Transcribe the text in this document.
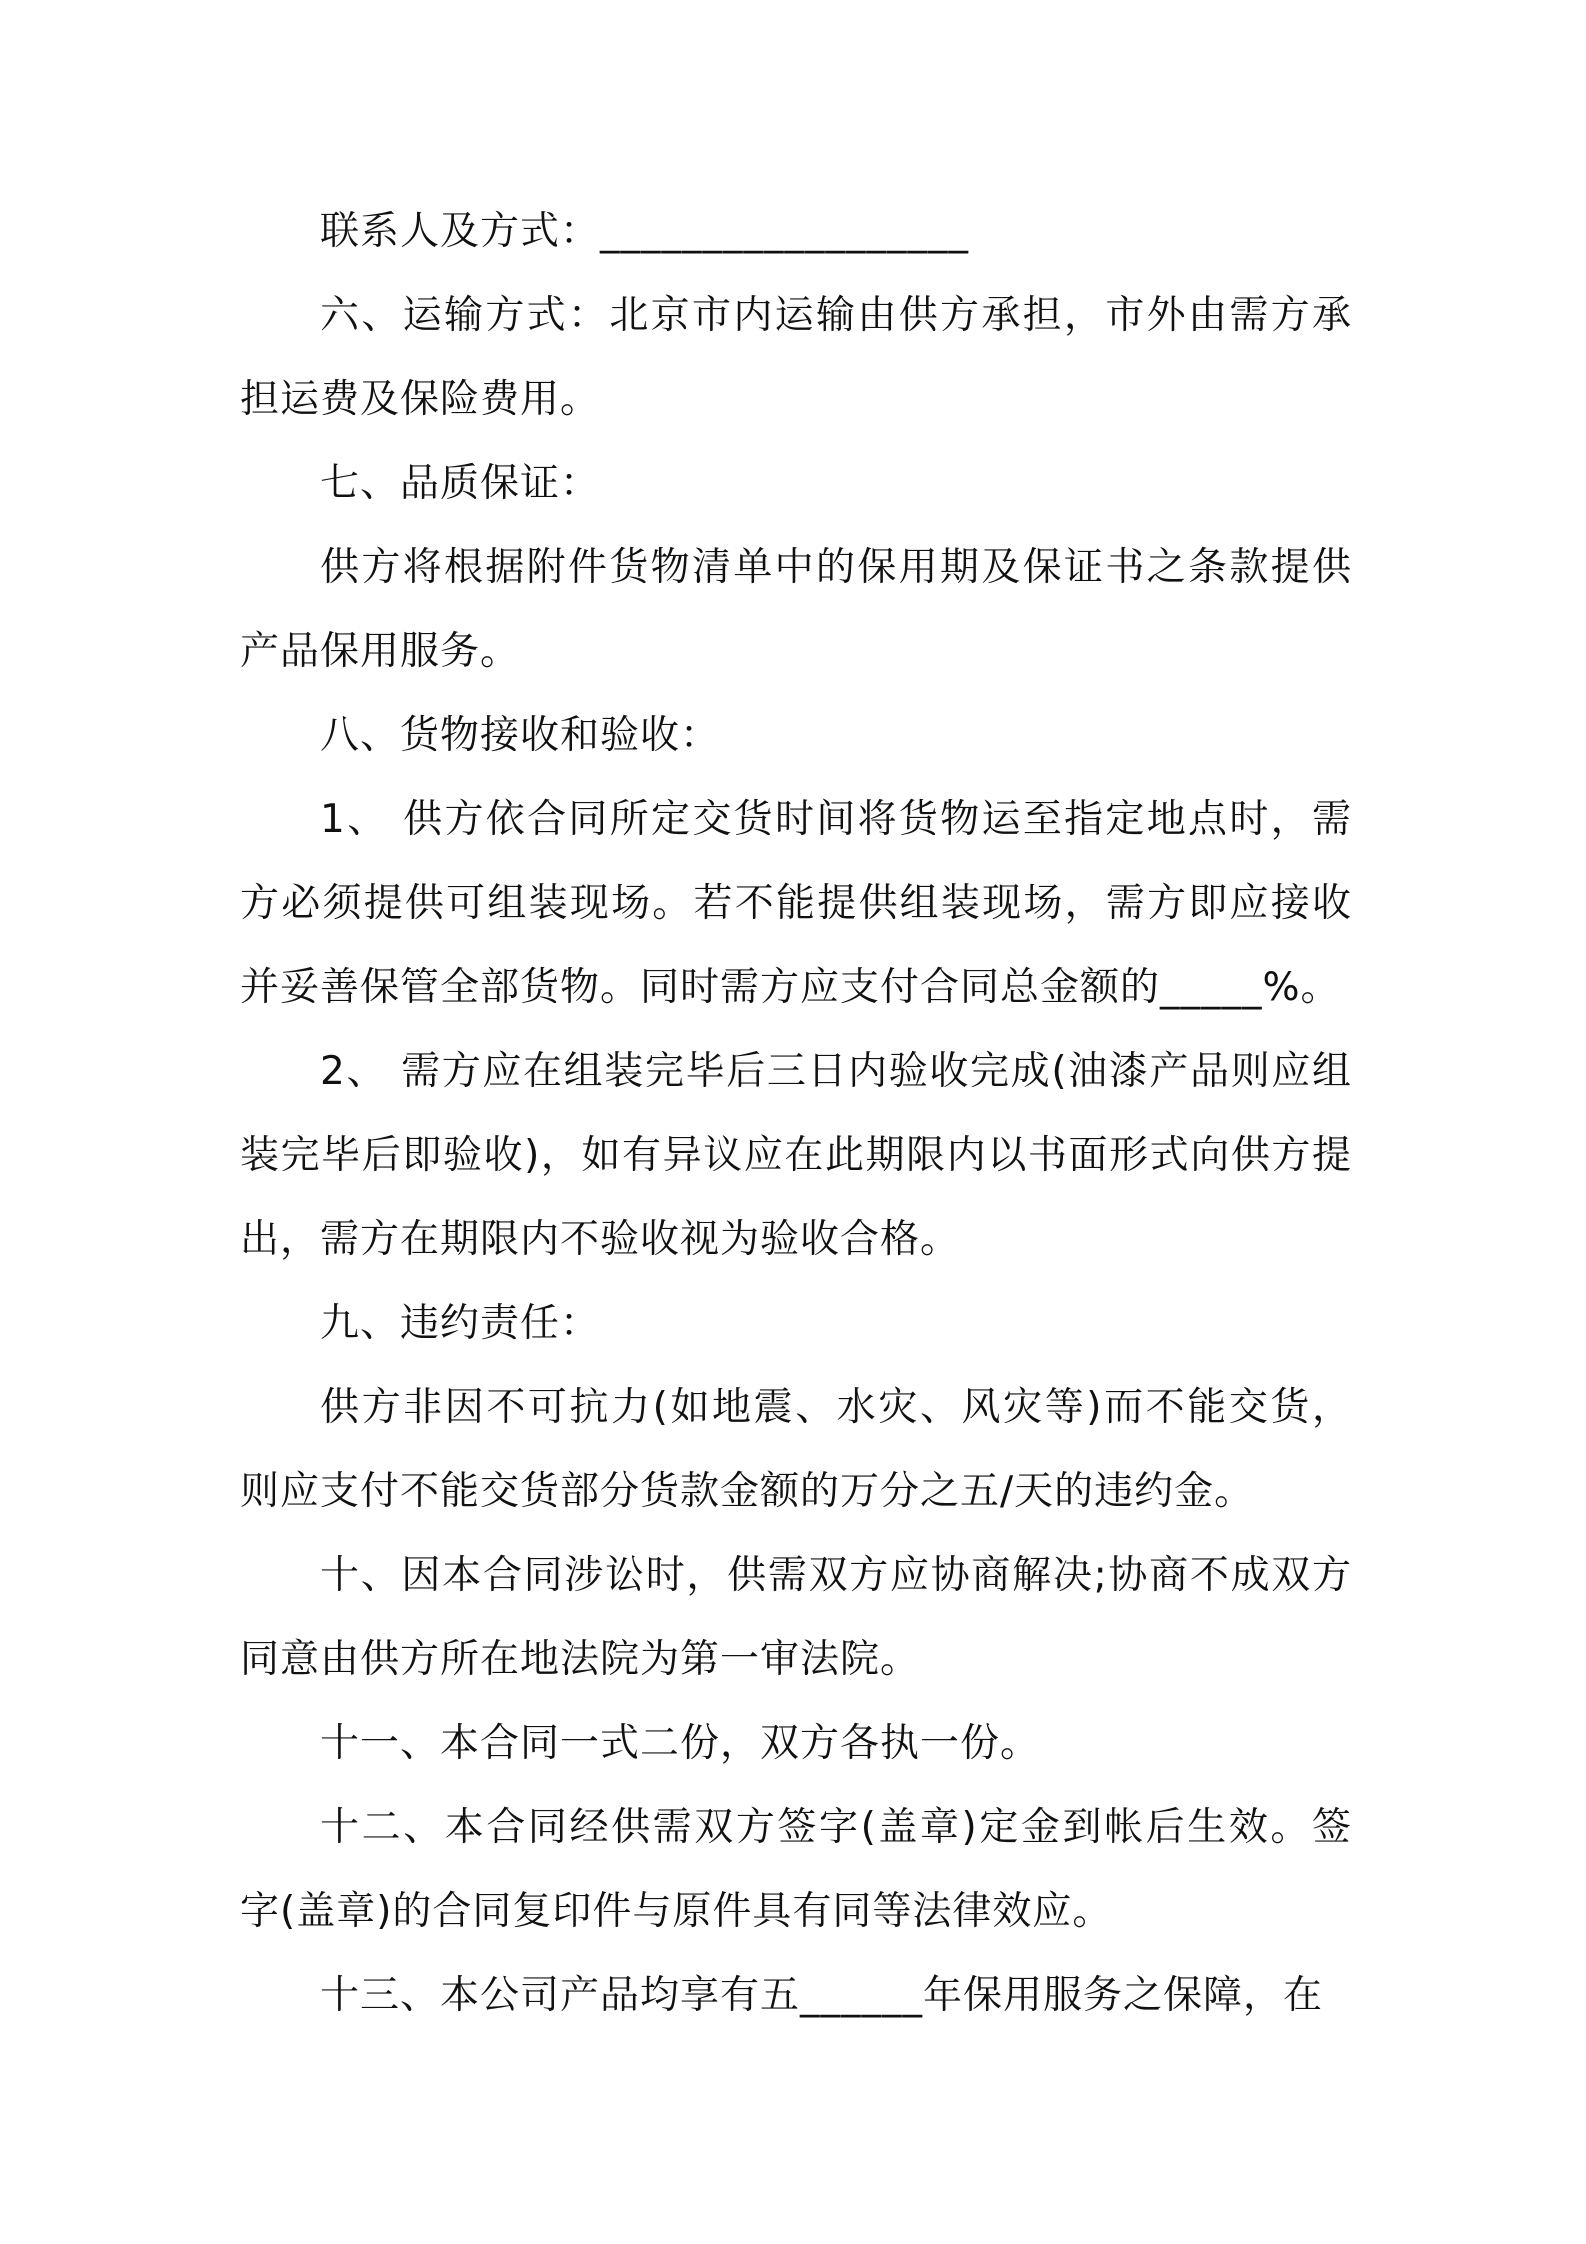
联系人及方式：__________________

六、运输方式：北京市内运输由供方承担，市外由需方承担运费及保险费用。

七、品质保证：

供方将根据附件货物清单中的保用期及保证书之条款提供产品保用服务。

八、货物接收和验收：

1、 供方依合同所定交货时间将货物运至指定地点时，需方必须提供可组装现场。若不能提供组装现场，需方即应接收并妥善保管全部货物。同时需方应支付合同总金额的_____%。

2、 需方应在组装完毕后三日内验收完成(油漆产品则应组装完毕后即验收)，如有异议应在此期限内以书面形式向供方提出，需方在期限内不验收视为验收合格。

九、违约责任：

供方非因不可抗力(如地震、水灾、风灾等)而不能交货，则应支付不能交货部分货款金额的万分之五/天的违约金。

十、因本合同涉讼时，供需双方应协商解决;协商不成双方同意由供方所在地法院为第一审法院。

十一、本合同一式二份，双方各执一份。

十二、本合同经供需双方签字(盖章)定金到帐后生效。签字(盖章)的合同复印件与原件具有同等法律效应。

十三、本公司产品均享有五______年保用服务之保障，在
